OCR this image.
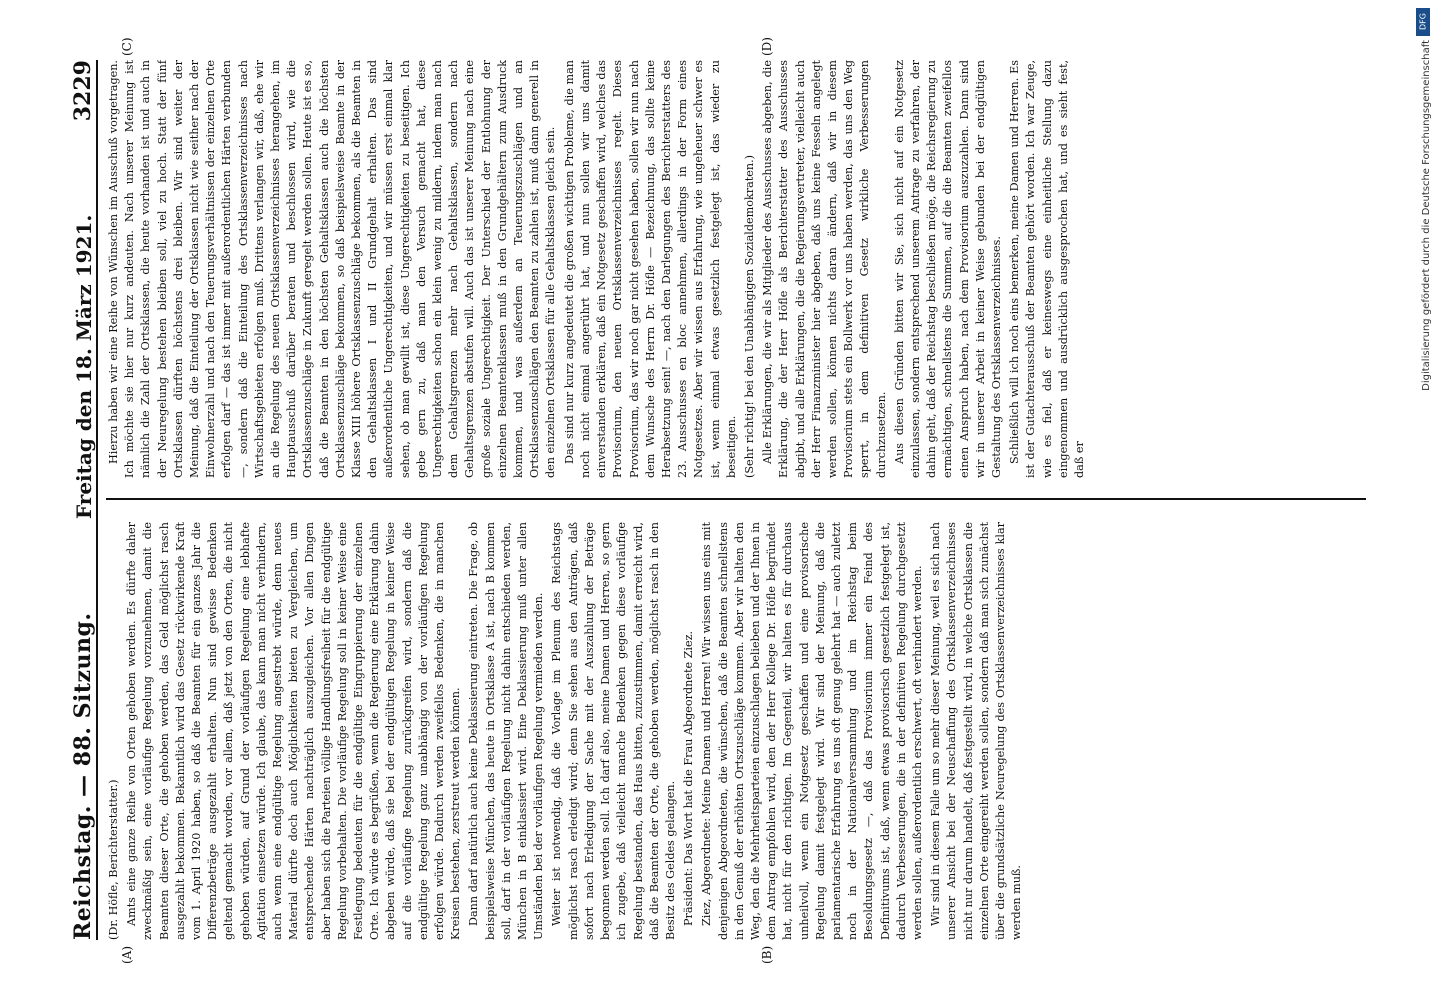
DFG
Digitalisierung gefördert durch die Deutsche Forschungsgemeinschaft
Reichstag. — 88. Sitzung.
Freitag den 18. März 1921.
3229

(Dr. Höfle, Berichterstatter.) Amts eine ganze Reihe von Orten gehoben werden. Es dürfte daher zweckmäßig sein, eine vorläufige Regelung vorzunehmen, damit die Beamten dieser Orte, die gehoben werden, das Geld möglichst rasch ausgezahlt bekommen. Bekanntlich wird das Gesetz rückwirkende Kraft vom 1. April 1920 haben, so daß die Beamten für ein ganzes Jahr die Differenzbeträge ausgezahlt erhalten. Nun sind gewisse Bedenken geltend gemacht worden, vor allem, daß jetzt von den Orten, die nicht gehoben würden, auf Grund der vorläufigen Regelung eine lebhafte Agitation einsetzen würde. Ich glaube, das kann man nicht verhindern, auch wenn eine endgültige Regelung angestrebt würde, denn neues Material dürfte doch auch Möglichkeiten bieten zu Vergleichen, um entsprechende Härten nachträglich auszugleichen. Vor allen Dingen aber haben sich die Parteien völlige Handlungsfreiheit für die endgültige Regelung vorbehalten. Die vorläufige Regelung soll in keiner Weise eine Festlegung bedeuten für die endgültige Eingruppierung der einzelnen Orte. Ich würde es begrüßen, wenn die Regierung eine Erklärung dahin abgeben würde, daß sie bei der endgültigen Regelung in keiner Weise auf die vorläufige Regelung zurückgreifen wird, sondern daß die endgültige Regelung ganz unabhängig von der vorläufigen Regelung erfolgen würde. Dadurch werden zweifellos Bedenken, die in manchen Kreisen bestehen, zerstreut werden können. Dann darf natürlich auch keine Deklassierung eintreten. Die Frage, ob beispielsweise München, das heute in Ortsklasse A ist, nach B kommen soll, darf in der vorläufigen Regelung nicht dahin entschieden werden, München in B einklassiert wird. Eine Deklassierung muß unter allen Umständen bei der vorläufigen Regelung vermieden werden. Weiter ist notwendig, daß die Vorlage im Plenum des Reichstags möglichst rasch erledigt wird; denn Sie sehen aus den Anträgen, daß sofort nach Erledigung der Sache mit der Auszahlung der Beträge begonnen werden soll. Ich darf also, meine Damen und Herren, so gern ich zugebe, daß vielleicht manche Bedenken gegen diese vorläufige Regelung bestanden, das Haus bitten, zuzustimmen, damit erreicht wird, daß die Beamten der Orte, die gehoben werden, möglichst rasch in den Besitz des Geldes gelangen. Präsident: Das Wort hat die Frau Abgeordnete Ziez. Ziez, Abgeordnete: Meine Damen und Herren! Wir wissen uns eins mit denjenigen Abgeordneten, die wünschen, daß die Beamten schnellstens in den Genuß der erhöhten Ortszuschläge kommen. Aber wir halten den Weg, den die Mehrheitsparteien einzuschlagen belieben und der Ihnen in dem Antrag empfohlen wird, den der Herr Kollege Dr. Höfle begründet hat, nicht für den richtigen. Im Gegenteil, wir halten es für durchaus unheilvoll, wenn ein Notgesetz geschaffen und eine provisorische Regelung damit festgelegt wird. Wir sind der Meinung, daß die parlamentarische Erfahrung es uns oft genug gelehrt hat — auch zuletzt noch in der Nationalversammlung und im Reichstag beim Besoldungsgesetz —, daß das Provisorium immer ein Feind des Definitivums ist, daß, wenn etwas provisorisch gesetzlich festgelegt ist, dadurch Verbesserungen, die in der definitiven Regelung durchgesetzt werden sollen, außerordentlich erschwert, oft verhindert werden. Wir sind in diesem Falle um so mehr dieser Meinung, weil es sich nach unserer Ansicht bei der Neuschaffung des Ortsklassenverzeichnisses nicht nur darum handelt, daß festgestellt wird, in welche Ortsklassen die einzelnen Orte eingereiht werden sollen, sondern daß man sich zunächst über die grundsätzliche Neuregelung des Ortsklassenverzeichnisses klar werden muß.

Hierzu haben wir eine Reihe von Wünschen im Ausschuß vorgetragen. Ich möchte sie hier nur kurz andeuten. Nach unserer Meinung ist nämlich die Zahl der Ortsklassen, die heute vorhanden ist und auch in der Neuregelung bestehen bleiben soll, viel zu hoch. Statt der fünf Ortsklassen dürften höchstens drei bleiben. Wir sind weiter der Meinung, daß die Einteilung der Ortsklassen nicht wie seither nach der Einwohnerzahl und nach den Teuerungsverhältnissen der einzelnen Orte erfolgen darf — das ist immer mit außerordentlichen Härten verbunden —, sondern daß die Einteilung des Ortsklassenverzeichnisses nach Wirtschaftsgebieten erfolgen muß. Drittens verlangen wir, daß, ehe wir an die Regelung des neuen Ortsklassenverzeichnisses herangehen, im Hauptausschuß darüber beraten und beschlossen wird, wie die Ortsklassenzuschläge in Zukunft geregelt werden sollen. Heute ist es so, daß die Beamten in den höchsten Gehaltsklassen auch die höchsten Ortsklassenzuschläge bekommen, so daß beispielsweise Beamte in der Klasse XIII höhere Ortsklassenzuschläge bekommen, als die Beamten in den Gehaltsklassen I und II Grundgehalt erhalten. Das sind außerordentliche Ungerechtigkeiten, und wir müssen erst einmal klar sehen, ob man gewillt ist, diese Ungerechtigkeiten zu beseitigen. Ich gebe gern zu, daß man den Versuch gemacht hat, diese Ungerechtigkeiten schon ein klein wenig zu mildern, indem man nach dem Gehaltsgrenzen mehr nach Gehaltsklassen, sondern nach Gehaltsgrenzen abstufen will. Auch das ist unserer Meinung nach eine große soziale Ungerechtigkeit. Der Unterschied der Entlohnung der einzelnen Beamtenklassen muß in den Grundgehältern zum Ausdruck kommen, und was außerdem an Teuerungszuschlägen und an Ortsklassenzuschlägen den Beamten zu zahlen ist, muß dann generell in den einzelnen Ortsklassen für alle Gehaltsklassen gleich sein. Das sind nur kurz angedeutet die großen wichtigen Probleme, die man noch nicht einmal angerührt hat, und nun sollen wir uns damit einverstanden erklären, daß ein Notgesetz geschaffen wird, welches das Provisorium, den neuen Ortsklassenverzeichnisses regelt. Dieses Provisorium, das wir noch gar nicht gesehen haben, sollen wir nun nach dem Wunsche des Herrn Dr. Höfle — Bezeichnung, das sollte keine Herabsetzung sein! —, nach den Darlegungen des Berichterstatters des 23. Ausschusses en bloc annehmen, allerdings in der Form eines Notgesetzes. Aber wir wissen aus Erfahrung, wie ungeheuer schwer es ist, wenn einmal etwas gesetzlich festgelegt ist, das wieder zu beseitigen. (Sehr richtig! bei den Unabhängigen Sozialdemokraten.) Alle Erklärungen, die wir als Mitglieder des Ausschusses abgeben, die Erklärung, die der Herr Höfle als Berichterstatter des Ausschusses abgibt, und alle Erklärungen, die die Regierungsvertreter, vielleicht auch der Herr Finanzminister hier abgeben, daß uns keine Fesseln angelegt werden sollen, können nichts daran ändern, daß wir in diesem Provisorium stets ein Bollwerk vor uns haben werden, das uns den Weg sperrt, in dem definitiven Gesetz wirkliche Verbesserungen durchzusetzen. Aus diesen Gründen bitten wir Sie, sich nicht auf ein Notgesetz einzulassen, sondern entsprechend unserem Antrage zu verfahren, der dahin geht, daß der Reichstag beschließen möge, die Reichsregierung zu ermächtigen, schnellstens die Summen, auf die die Beamten zweifellos einen Anspruch haben, nach dem Provisorium auszuzahlen. Dann sind wir in unserer Arbeit in keiner Weise gebunden bei der endgültigen Gestaltung des Ortsklassenverzeichnisses. Schließlich will ich noch eins bemerken, meine Damen und Herren. Es ist der Gutachterausschuß der Beamten gehört worden. Ich war Zeuge, wie es fiel, daß er keineswegs eine einheitliche Stellung dazu eingenommen und ausdrücklich ausgesprochen hat, und es sieht fest, daß er

(A)	(B)
(C)	(D)
